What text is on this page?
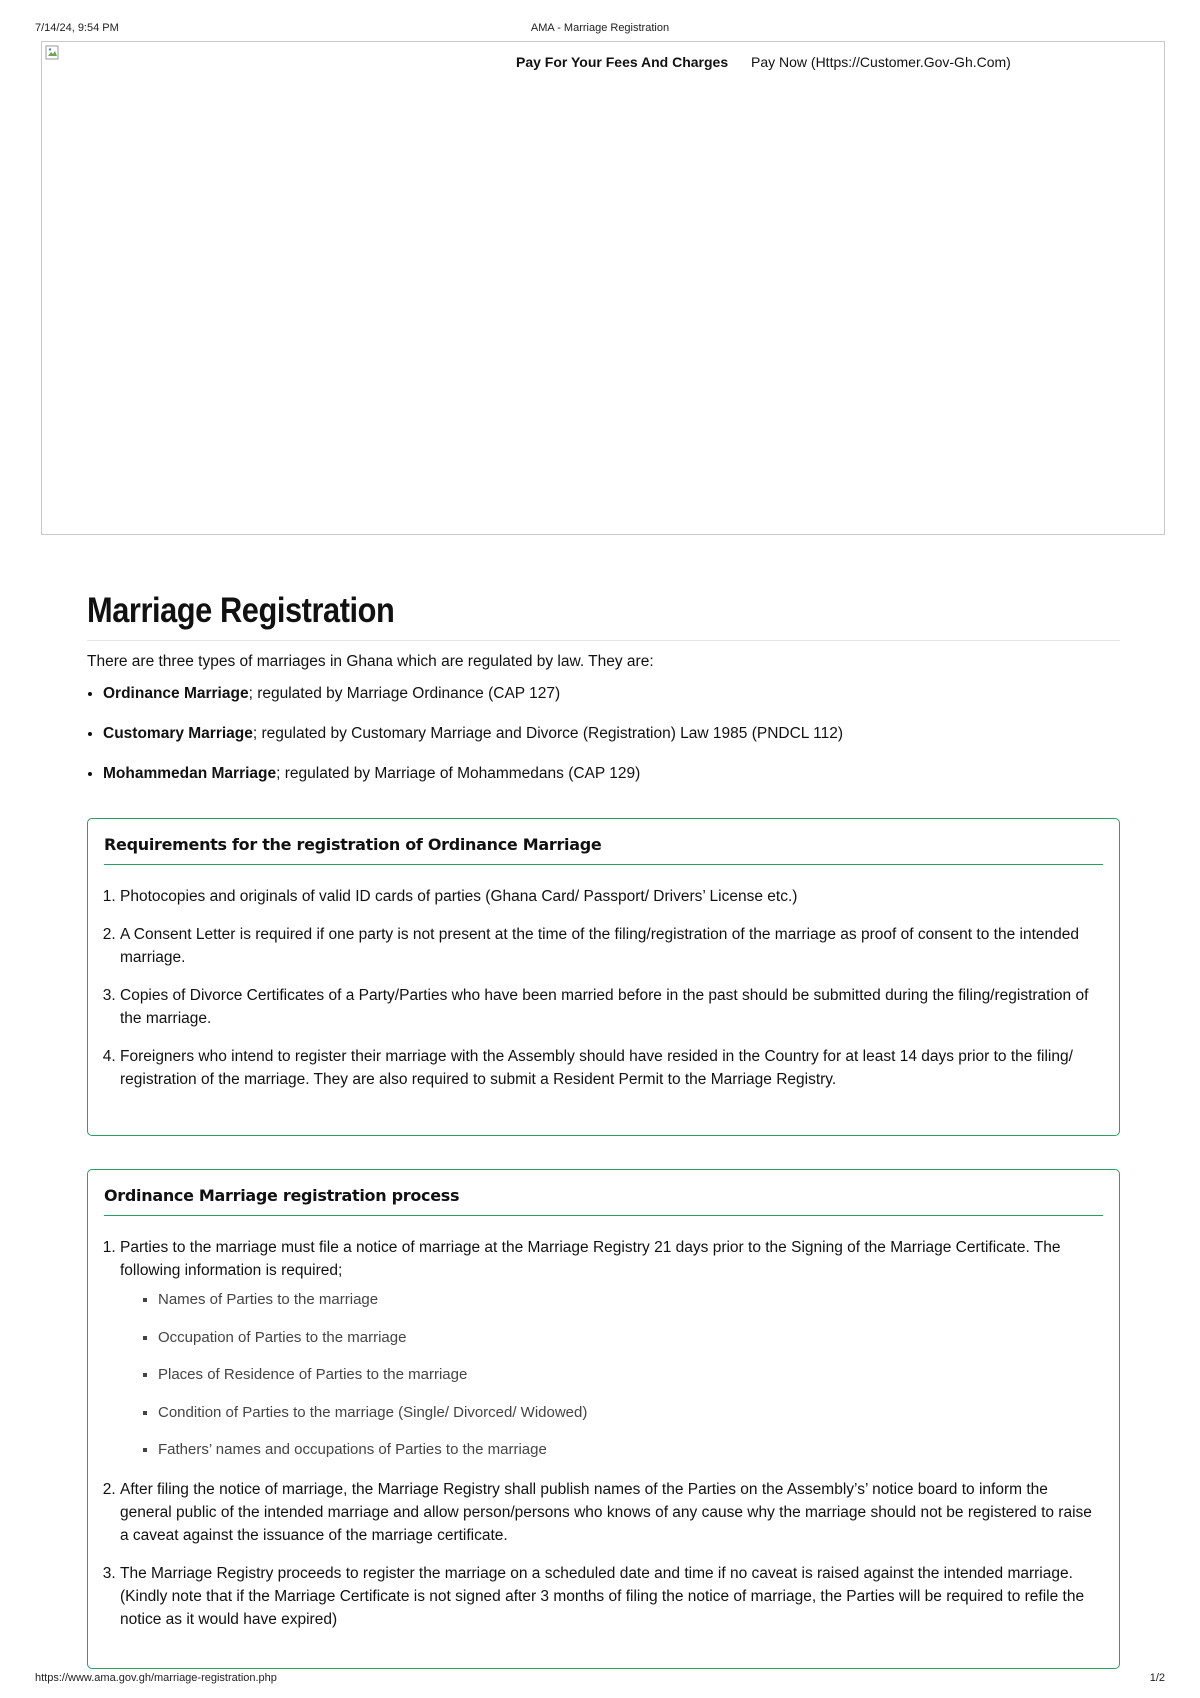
7/14/24, 9:54 PM	AMA - Marriage Registration
Pay For Your Fees And Charges Pay Now (Https://Customer.Gov-Gh.Com)
Marriage Registration

There are three types of marriages in Ghana which are regulated by law. They are:

• Ordinance Marriage; regulated by Marriage Ordinance (CAP 127)
• Customary Marriage; regulated by Customary Marriage and Divorce (Registration) Law 1985 (PNDCL 112)
• Mohammedan Marriage; regulated by Marriage of Mohammedans (CAP 129)
Requirements for the registration of Ordinance Marriage
1. Photocopies and originals of valid ID cards of parties (Ghana Card/ Passport/ Drivers’ License etc.)
2. A Consent Letter is required if one party is not present at the time of the filing/registration of the marriage as proof of consent to the intended marriage.
3. Copies of Divorce Certificates of a Party/Parties who have been married before in the past should be submitted during the filing/registration of the marriage.
4. Foreigners who intend to register their marriage with the Assembly should have resided in the Country for at least 14 days prior to the filing/ registration of the marriage. They are also required to submit a Resident Permit to the Marriage Registry.
Ordinance Marriage registration process
1. Parties to the marriage must file a notice of marriage at the Marriage Registry 21 days prior to the Signing of the Marriage Certificate. The following information is required;
▪ Names of Parties to the marriage
▪ Occupation of Parties to the marriage
▪ Places of Residence of Parties to the marriage
▪ Condition of Parties to the marriage (Single/ Divorced/ Widowed)
▪ Fathers’ names and occupations of Parties to the marriage
2. After filing the notice of marriage, the Marriage Registry shall publish names of the Parties on the Assembly’s’ notice board to inform the general public of the intended marriage and allow person/persons who knows of any cause why the marriage should not be registered to raise a caveat against the issuance of the marriage certificate.
3. The Marriage Registry proceeds to register the marriage on a scheduled date and time if no caveat is raised against the intended marriage. (Kindly note that if the Marriage Certificate is not signed after 3 months of filing the notice of marriage, the Parties will be required to refile the notice as it would have expired)
https://www.ama.gov.gh/marriage-registration.php	1/2
